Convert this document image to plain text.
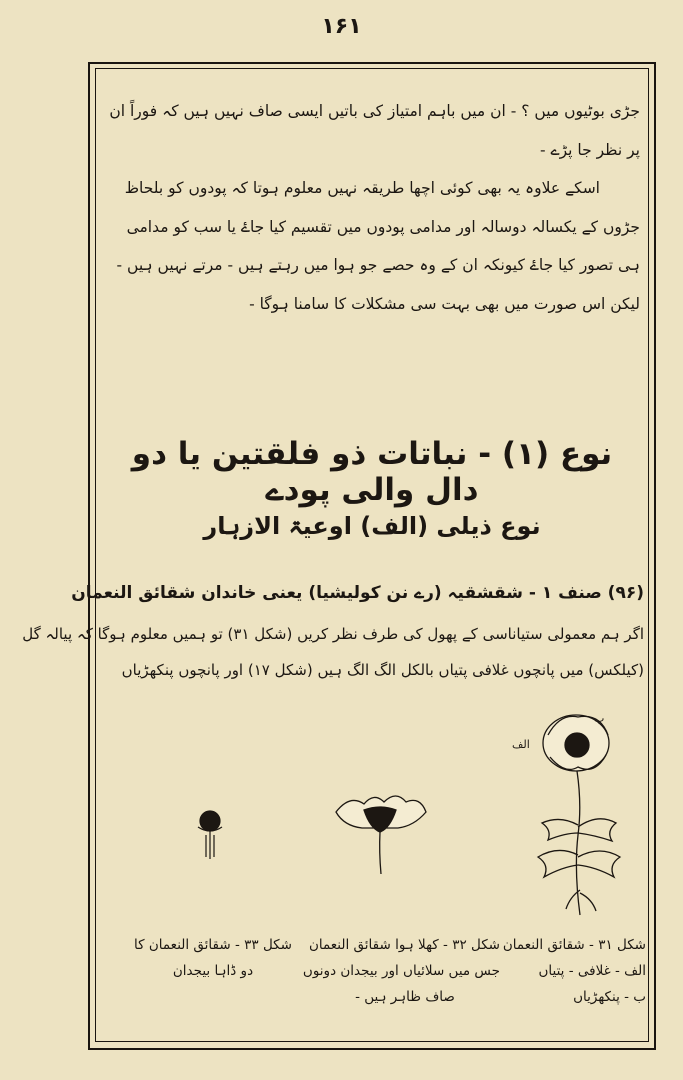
۱۶۱

جڑی بوٹیوں میں ؟ - ان میں باہم امتیاز کی باتیں ایسی صاف نہیں ہیں کہ فوراً ان پر نظر جا پڑے -

اسکے علاوہ یہ بھی کوئی اچھا طریقہ نہیں معلوم ہوتا کہ پودوں کو بلحاظ جڑوں کے یکسالہ دوسالہ اور مدامی پودوں میں تقسیم کیا جاۓ یا سب کو مدامی ہی تصور کیا جاۓ کیونکہ ان کے وہ حصے جو ہوا میں رہتے ہیں - مرتے نہیں ہیں - لیکن اس صورت میں بھی بہت سی مشکلات کا سامنا ہوگا -

نوع (۱) - نباتات ذو فلقتین یا دو دال والی پودے
نوع ذیلی (الف) اوعیۃ الازہار
(۹۶) صنف ۱ - شقشقیہ (رے نن کولیشیا) یعنی خاندان شقائق النعمان

اگر ہم معمولی ستیاناسی کے پھول کی طرف نظر کریں (شکل ۳۱) تو ہمیں معلوم ہوگا کہ پیالہ گل

(کیلکس) میں پانچوں غلافی پتیاں بالکل الگ الگ ہیں (شکل ۱۷) اور پانچوں پنکھڑیاں

الف
ب

شکل ۳۱ - شقائق النعمان

الف - غلافی - پتیاں

ب - پنکھڑیاں

شکل ۳۲ - کھلا ہوا شقائق النعمان

جس میں سلائیاں اور بیجدان دونوں

صاف ظاہر ہیں -

شکل ۳۳ - شقائق النعمان کا

دو ڈاہا بیجدان
